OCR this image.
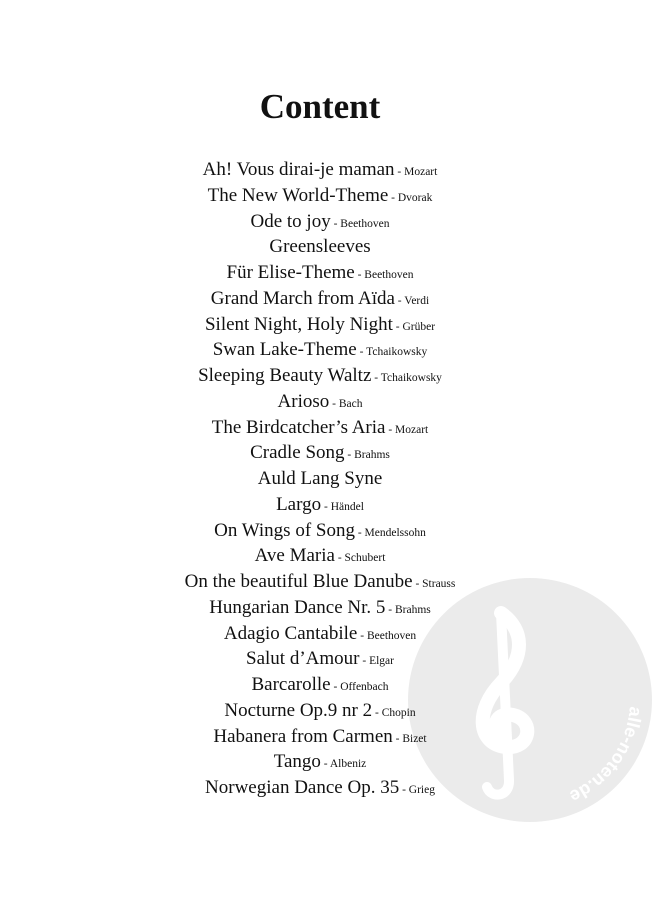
alle-noten.de
Content
Ah! Vous dirai-je maman - Mozart
The New World-Theme - Dvorak
Ode to joy - Beethoven
Greensleeves
Für Elise-Theme - Beethoven
Grand March from Aïda - Verdi
Silent Night, Holy Night - Grüber
Swan Lake-Theme - Tchaikowsky
Sleeping Beauty Waltz - Tchaikowsky
Arioso - Bach
The Birdcatcher’s Aria - Mozart
Cradle Song - Brahms
Auld Lang Syne
Largo - Händel
On Wings of Song - Mendelssohn
Ave Maria - Schubert
On the beautiful Blue Danube - Strauss
Hungarian Dance Nr. 5 - Brahms
Adagio Cantabile - Beethoven
Salut d’Amour - Elgar
Barcarolle - Offenbach
Nocturne Op.9 nr 2 - Chopin
Habanera from Carmen - Bizet
Tango - Albeniz
Norwegian Dance Op. 35 - Grieg
